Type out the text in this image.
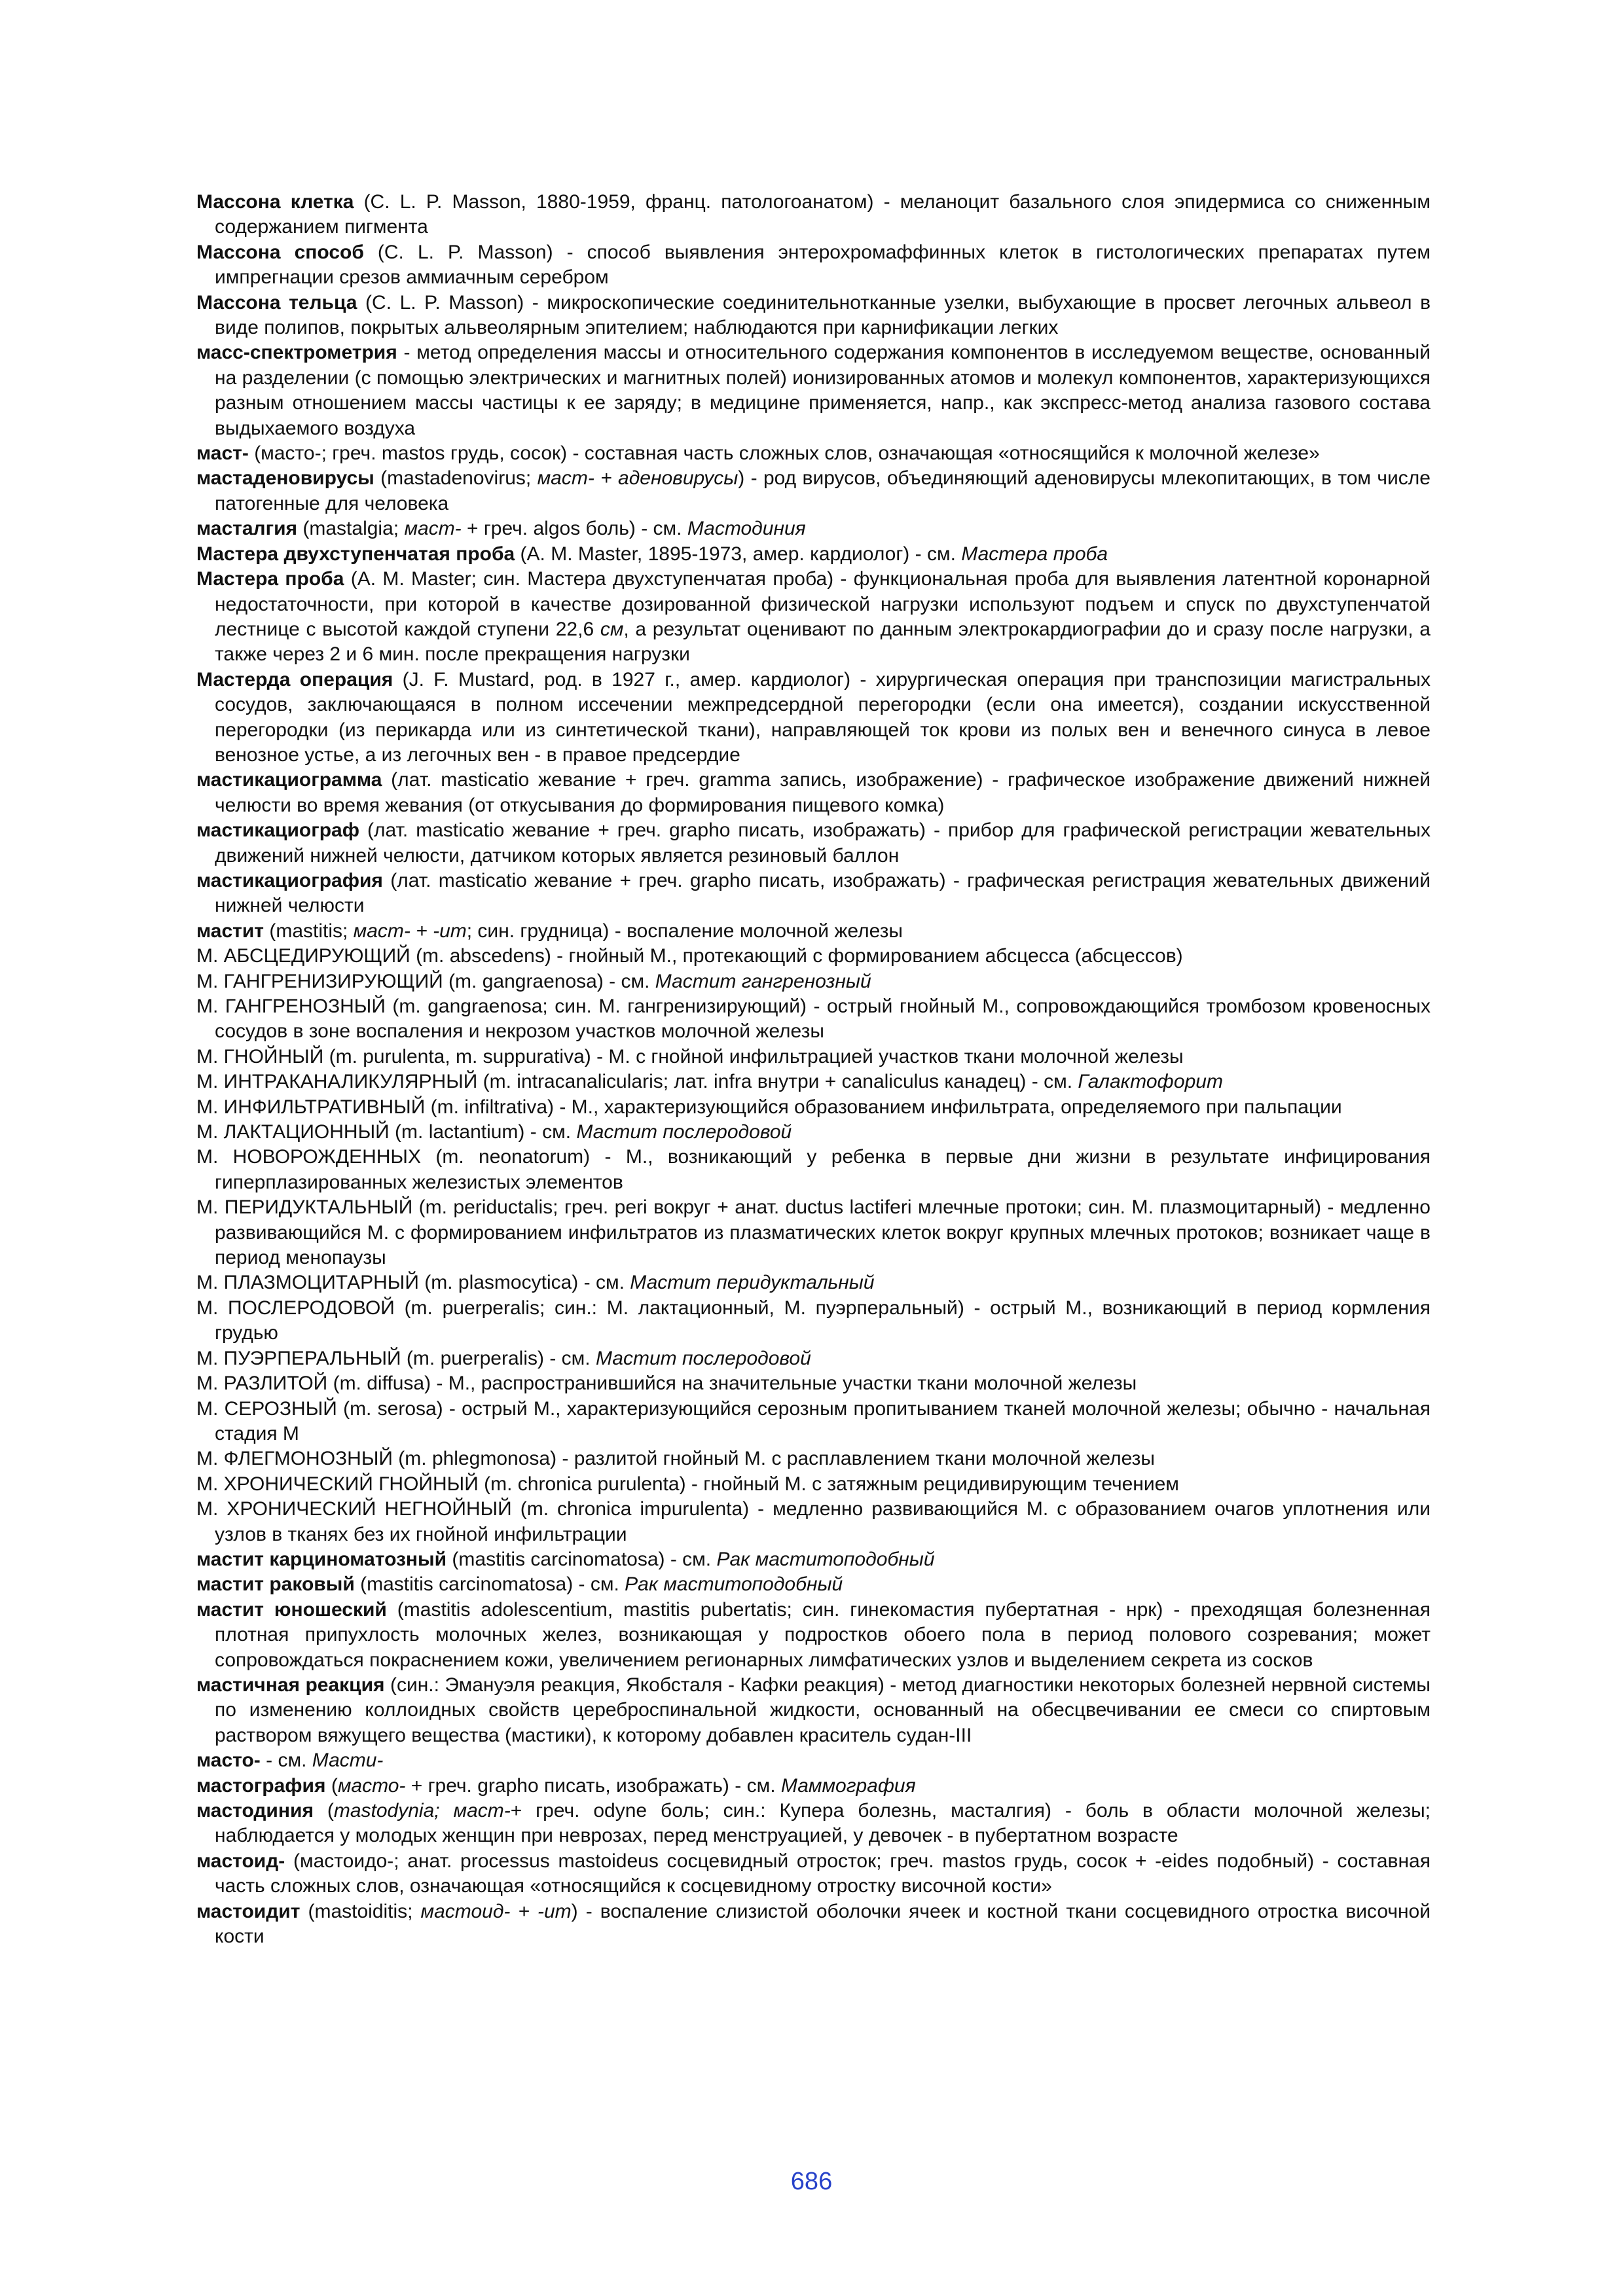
Массона клетка (C. L. P. Masson, 1880-1959, франц. патологоанатом) - меланоцит базального слоя эпидермиса со сниженным содержанием пигмента

Массона способ (C. L. P. Masson) - способ выявления энтерохромаффинных клеток в гистологических препаратах путем импрегнации срезов аммиачным серебром

Массона тельца (C. L. P. Masson) - микроскопические соединительнотканные узелки, выбухающие в просвет легочных альвеол в виде полипов, покрытых альвеолярным эпителием; наблюдаются при карнификации легких

масс-спектрометрия - метод определения массы и относительного содержания компонентов в исследуемом веществе, основанный на разделении (с помощью электрических и магнитных полей) ионизированных атомов и молекул компонентов, характеризующихся разным отношением массы частицы к ее заряду; в медицине применяется, напр., как экспресс-метод анализа газового состава выдыхаемого воздуха

маст- (масто-; греч. mastos грудь, сосок) - составная часть сложных слов, означающая «относящийся к молочной железе»

мастаденовирусы (mastadenovirus; маст- + аденовирусы) - род вирусов, объединяющий аденовирусы млекопитающих, в том числе патогенные для человека

масталгия (mastalgia; маст- + греч. algos боль) - см. Мастодиния

Мастера двухступенчатая проба (A. M. Master, 1895-1973, амер. кардиолог) - см. Мастера проба

Мастера проба (A. M. Master; син. Мастера двухступенчатая проба) - функциональная проба для выявления латентной коронарной недостаточности, при которой в качестве дозированной физической нагрузки используют подъем и спуск по двухступенчатой лестнице с высотой каждой ступени 22,6 см, а результат оценивают по данным электрокардиографии до и сразу после нагрузки, а также через 2 и 6 мин. после прекращения нагрузки

Мастерда операция (J. F. Mustard, род. в 1927 г., амер. кардиолог) - хирургическая операция при транспозиции магистральных сосудов, заключающаяся в полном иссечении межпредсердной перегородки (если она имеется), создании искусственной перегородки (из перикарда или из синтетической ткани), направляющей ток крови из полых вен и венечного синуса в левое венозное устье, а из легочных вен - в правое предсердие

мастикациограмма (лат. masticatio жевание + греч. gramma запись, изображение) - графическое изображение движений нижней челюсти во время жевания (от откусывания до формирования пищевого комка)

мастикациограф (лат. masticatio жевание + греч. grapho писать, изображать) - прибор для графической регистрации жевательных движений нижней челюсти, датчиком которых является резиновый баллон

мастикациография (лат. masticatio жевание + греч. grapho писать, изображать) - графическая регистрация жевательных движений нижней челюсти

мастит (mastitis; маст- + -ит; син. грудница) - воспаление молочной железы

М. АБСЦЕДИРУЮЩИЙ (m. abscedens) - гнойный М., протекающий с формированием абсцесса (абсцессов)

М. ГАНГРЕНИЗИРУЮЩИЙ (m. gangraenosa) - см. Мастит гангренозный

М. ГАНГРЕНОЗНЫЙ (m. gangraenosa; син. М. гангренизирующий) - острый гнойный М., сопровождающийся тромбозом кровеносных сосудов в зоне воспаления и некрозом участков молочной железы

М. ГНОЙНЫЙ (m. purulenta, m. suppurativa) - М. с гнойной инфильтрацией участков ткани молочной железы

М. ИНТРАКАНАЛИКУЛЯРНЫЙ (m. intracanalicularis; лат. infra внутри + canaliculus канадец) - см. Галактофорит

М. ИНФИЛЬТРАТИВНЫЙ (m. infiltrativa) - М., характеризующийся образованием инфильтрата, определяемого при пальпации

М. ЛАКТАЦИОННЫЙ (m. lactantium) - см. Мастит послеродовой

М. НОВОРОЖДЕННЫХ (m. neonatorum) - М., возникающий у ребенка в первые дни жизни в результате инфицирования гиперплазированных железистых элементов

М. ПЕРИДУКТАЛЬНЫЙ (m. periductalis; греч. peri вокруг + анат. ductus lactiferi млечные протоки; син. М. плазмоцитарный) - медленно развивающийся М. с формированием инфильтратов из плазматических клеток вокруг крупных млечных протоков; возникает чаще в период менопаузы

М. ПЛАЗМОЦИТАРНЫЙ (m. plasmocytica) - см. Мастит перидуктальный

М. ПОСЛЕРОДОВОЙ (m. puerperalis; син.: М. лактационный, М. пуэрперальный) - острый М., возникающий в период кормления грудью

М. ПУЭРПЕРАЛЬНЫЙ (m. puerperalis) - см. Мастит послеродовой

М. РАЗЛИТОЙ (m. diffusa) - М., распространившийся на значительные участки ткани молочной железы

М. СЕРОЗНЫЙ (m. serosa) - острый М., характеризующийся серозным пропитыванием тканей молочной железы; обычно - начальная стадия М

М. ФЛЕГМОНОЗНЫЙ (m. phlegmonosa) - разлитой гнойный М. с расплавлением ткани молочной железы

М. ХРОНИЧЕСКИЙ ГНОЙНЫЙ (m. chronica purulenta) - гнойный М. с затяжным рецидивирующим течением

М. ХРОНИЧЕСКИЙ НЕГНОЙНЫЙ (m. chronica impurulenta) - медленно развивающийся М. с образованием очагов уплотнения или узлов в тканях без их гнойной инфильтрации

мастит карциноматозный (mastitis carcinomatosa) - см. Рак маститоподобный

мастит раковый (mastitis carcinomatosa) - см. Рак маститоподобный

мастит юношеский (mastitis adolescentium, mastitis pubertatis; син. гинекомастия пубертатная - нрк) - преходящая болезненная плотная припухлость молочных желез, возникающая у подростков обоего пола в период полового созревания; может сопровождаться покраснением кожи, увеличением регионарных лимфатических узлов и выделением секрета из сосков

мастичная реакция (син.: Эмануэля реакция, Якобсталя - Кафки реакция) - метод диагностики некоторых болезней нервной системы по изменению коллоидных свойств цереброспинальной жидкости, основанный на обесцвечивании ее смеси со спиртовым раствором вяжущего вещества (мастики), к которому добавлен краситель судан-III

масто- - см. Масти-

мастография (масто- + греч. grapho писать, изображать) - см. Маммография

мастодиния (mastodynia; маст-+ греч. odyne боль; син.: Купера болезнь, масталгия) - боль в области молочной железы; наблюдается у молодых женщин при неврозах, перед менструацией, у девочек - в пубертатном возрасте

мастоид- (мастоидо-; анат. processus mastoideus сосцевидный отросток; греч. mastos грудь, сосок + -eides подобный) - составная часть сложных слов, означающая «относящийся к сосцевидному отростку височной кости»

мастоидит (mastoiditis; мастоид- + -ит) - воспаление слизистой оболочки ячеек и костной ткани сосцевидного отростка височной кости

686
